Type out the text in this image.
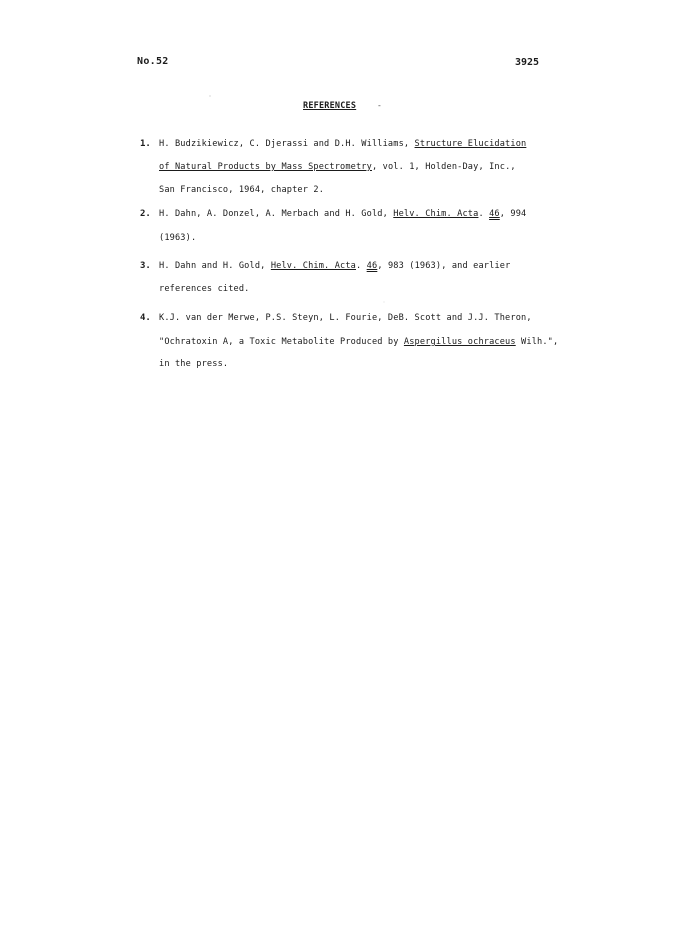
No.52	3925
REFERENCES	-
1. H. Budzikiewicz, C. Djerassi and D.H. Williams, Structure Elucidation
of Natural Products by Mass Spectrometry, vol. 1, Holden-Day, Inc.,
San Francisco, 1964, chapter 2.
2. H. Dahn, A. Donzel, A. Merbach and H. Gold, Helv. Chim. Acta. 46, 994
(1963).
3. H. Dahn and H. Gold, Helv. Chim. Acta. 46, 983 (1963), and earlier
references cited.
4. K.J. van der Merwe, P.S. Steyn, L. Fourie, DeB. Scott and J.J. Theron,
"Ochratoxin A, a Toxic Metabolite Produced by Aspergillus ochraceus Wilh.",
in the press.
